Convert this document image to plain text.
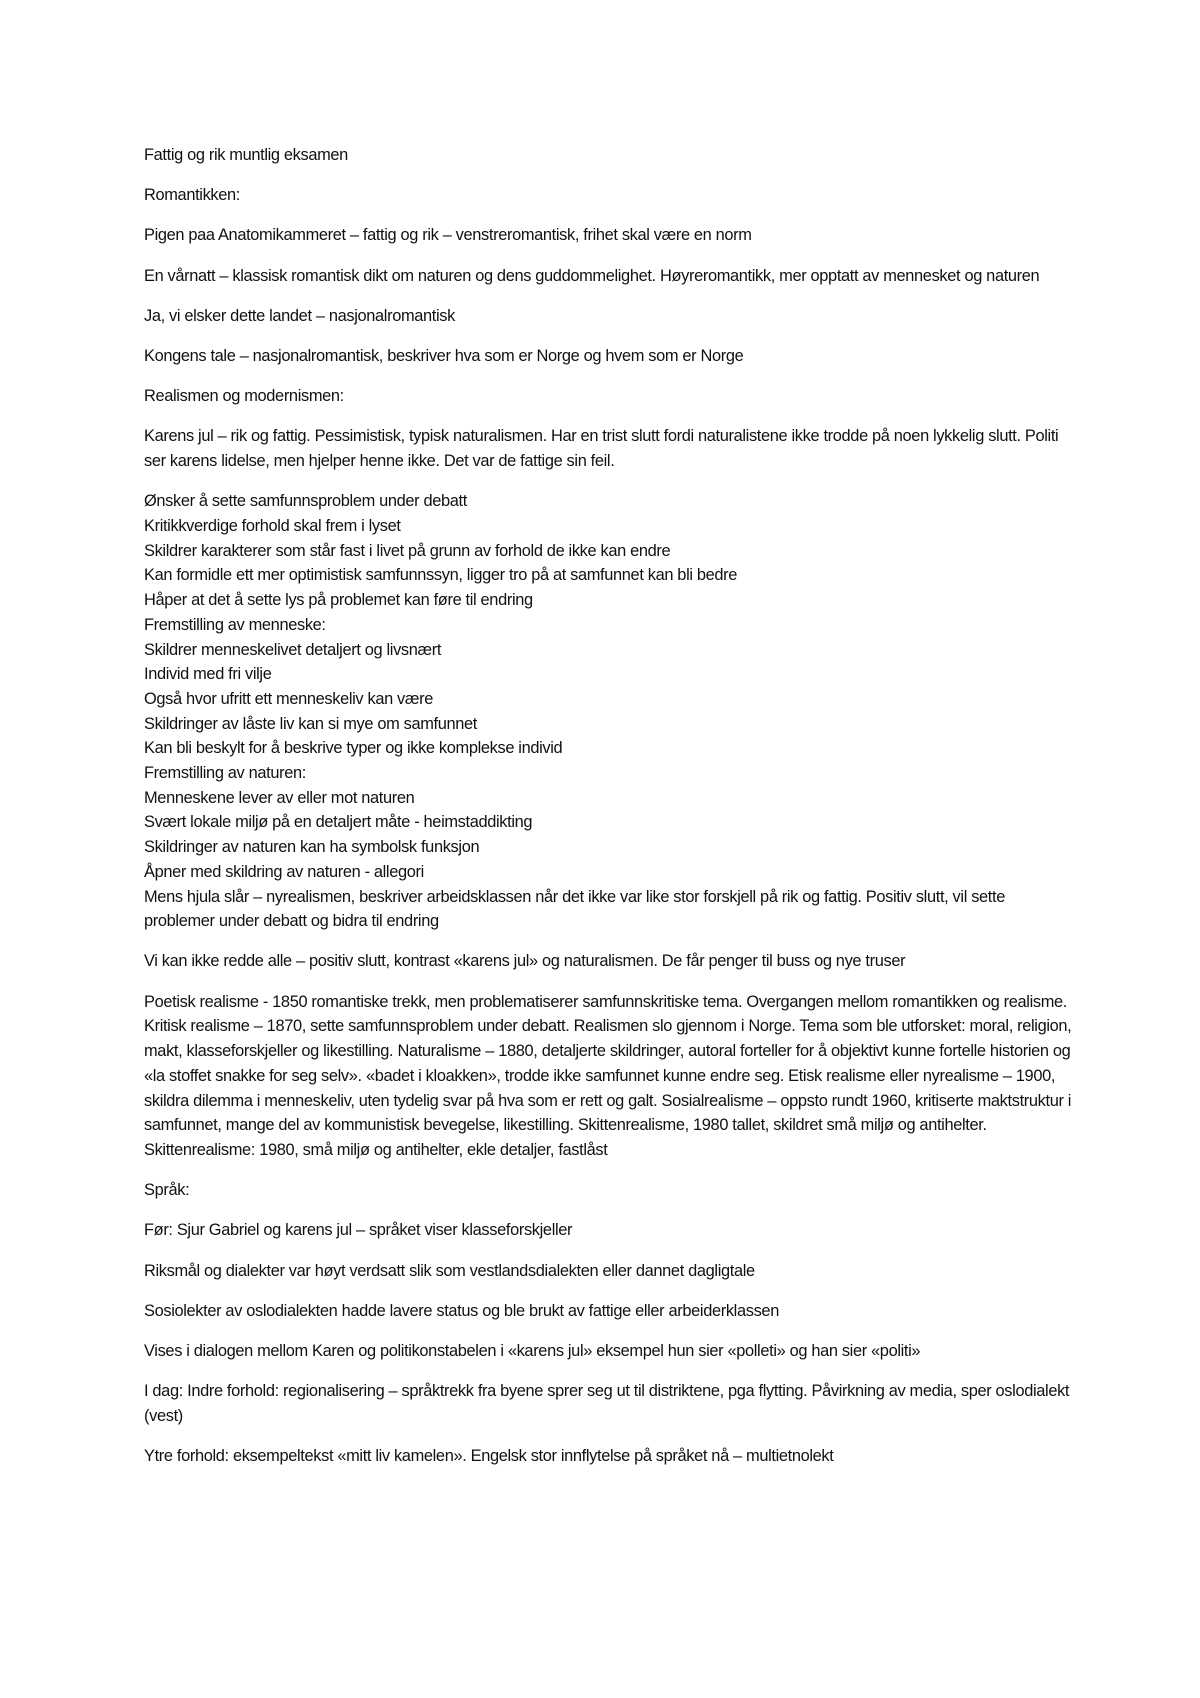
Fattig og rik muntlig eksamen

Romantikken:

Pigen paa Anatomikammeret – fattig og rik – venstreromantisk, frihet skal være en norm

En vårnatt – klassisk romantisk dikt om naturen og dens guddommelighet. Høyreromantikk, mer opptatt av mennesket og naturen

Ja, vi elsker dette landet – nasjonalromantisk

Kongens tale – nasjonalromantisk, beskriver hva som er Norge og hvem som er Norge

Realismen og modernismen:

Karens jul – rik og fattig. Pessimistisk, typisk naturalismen. Har en trist slutt fordi naturalistene ikke trodde på noen lykkelig slutt. Politi ser karens lidelse, men hjelper henne ikke. Det var de fattige sin feil.

Ønsker å sette samfunnsproblem under debatt

Kritikkverdige forhold skal frem i lyset

Skildrer karakterer som står fast i livet på grunn av forhold de ikke kan endre

Kan formidle ett mer optimistisk samfunnssyn, ligger tro på at samfunnet kan bli bedre

Håper at det å sette lys på problemet kan føre til endring

Fremstilling av menneske:

Skildrer menneskelivet detaljert og livsnært

Individ med fri vilje

Også hvor ufritt ett menneskeliv kan være

Skildringer av låste liv kan si mye om samfunnet

Kan bli beskylt for å beskrive typer og ikke komplekse individ

Fremstilling av naturen:

Menneskene lever av eller mot naturen

Svært lokale miljø på en detaljert måte - heimstaddikting

Skildringer av naturen kan ha symbolsk funksjon

Åpner med skildring av naturen - allegori

Mens hjula slår – nyrealismen, beskriver arbeidsklassen når det ikke var like stor forskjell på rik og fattig. Positiv slutt, vil sette problemer under debatt og bidra til endring

Vi kan ikke redde alle – positiv slutt, kontrast «karens jul» og naturalismen. De får penger til buss og nye truser

Poetisk realisme - 1850 romantiske trekk, men problematiserer samfunnskritiske tema. Overgangen mellom romantikken og realisme. Kritisk realisme – 1870, sette samfunnsproblem under debatt. Realismen slo gjennom i Norge. Tema som ble utforsket: moral, religion, makt, klasseforskjeller og likestilling. Naturalisme – 1880, detaljerte skildringer, autoral forteller for å objektivt kunne fortelle historien og «la stoffet snakke for seg selv». «badet i kloakken», trodde ikke samfunnet kunne endre seg. Etisk realisme eller nyrealisme – 1900, skildra dilemma i menneskeliv, uten tydelig svar på hva som er rett og galt. Sosialrealisme – oppsto rundt 1960, kritiserte maktstruktur i samfunnet, mange del av kommunistisk bevegelse, likestilling. Skittenrealisme, 1980 tallet, skildret små miljø og antihelter. Skittenrealisme: 1980, små miljø og antihelter, ekle detaljer, fastlåst

Språk:

Før: Sjur Gabriel og karens jul – språket viser klasseforskjeller

Riksmål og dialekter var høyt verdsatt slik som vestlandsdialekten eller dannet dagligtale

Sosiolekter av oslodialekten hadde lavere status og ble brukt av fattige eller arbeiderklassen

Vises i dialogen mellom Karen og politikonstabelen i «karens jul» eksempel hun sier «polleti» og han sier «politi»

I dag: Indre forhold: regionalisering – språktrekk fra byene sprer seg ut til distriktene, pga flytting. Påvirkning av media, sper oslodialekt (vest)

Ytre forhold: eksempeltekst «mitt liv kamelen». Engelsk stor innflytelse på språket nå – multietnolekt
